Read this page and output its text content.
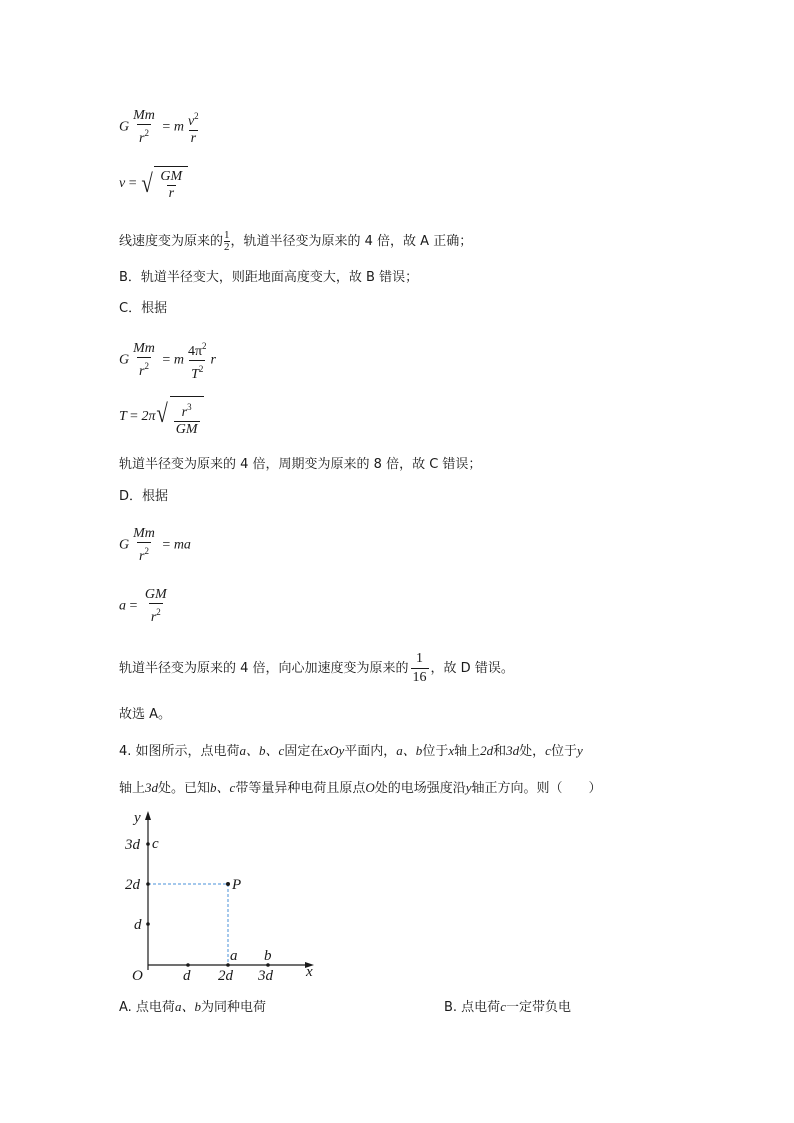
G $\frac{Mm}{r^2} = m \frac{v^2}{r}$
v = √ $\frac{GM}{r}$
线速度变为原来的 $\frac{1}{2}$ ，轨道半径变为原来的 4 倍，故 A 正确；
B．轨道半径变大，则距地面高度变大，故 B 错误；
C．根据
G $\frac{Mm}{r^2} = m \frac{4\pi^2}{T^2}$ r
T = 2π √ $\frac{r^3}{GM}$
轨道半径变为原来的 4 倍，周期变为原来的 8 倍，故 C 错误；
D．根据
G $\frac{Mm}{r^2}$ = ma
$a = \frac{GM}{r^2}$
轨道半径变为原来的 4 倍，向心加速度变为原来的 $\frac{1}{16}$ ，故 D 错误。
故选 A。
4. 如图所示，点电荷a、b、c固定在xOy平面内，a、b位于x轴上2d和3d处，c位于y
轴上3d处。已知b、c带等量异种电荷且原点O处的电场强度沿y轴正方向。则（　　）
y
x
O
3d
2d
d
d 2d 3d
c
P
a b
A. 点电荷a、b为同种电荷	B. 点电荷c一定带负电
